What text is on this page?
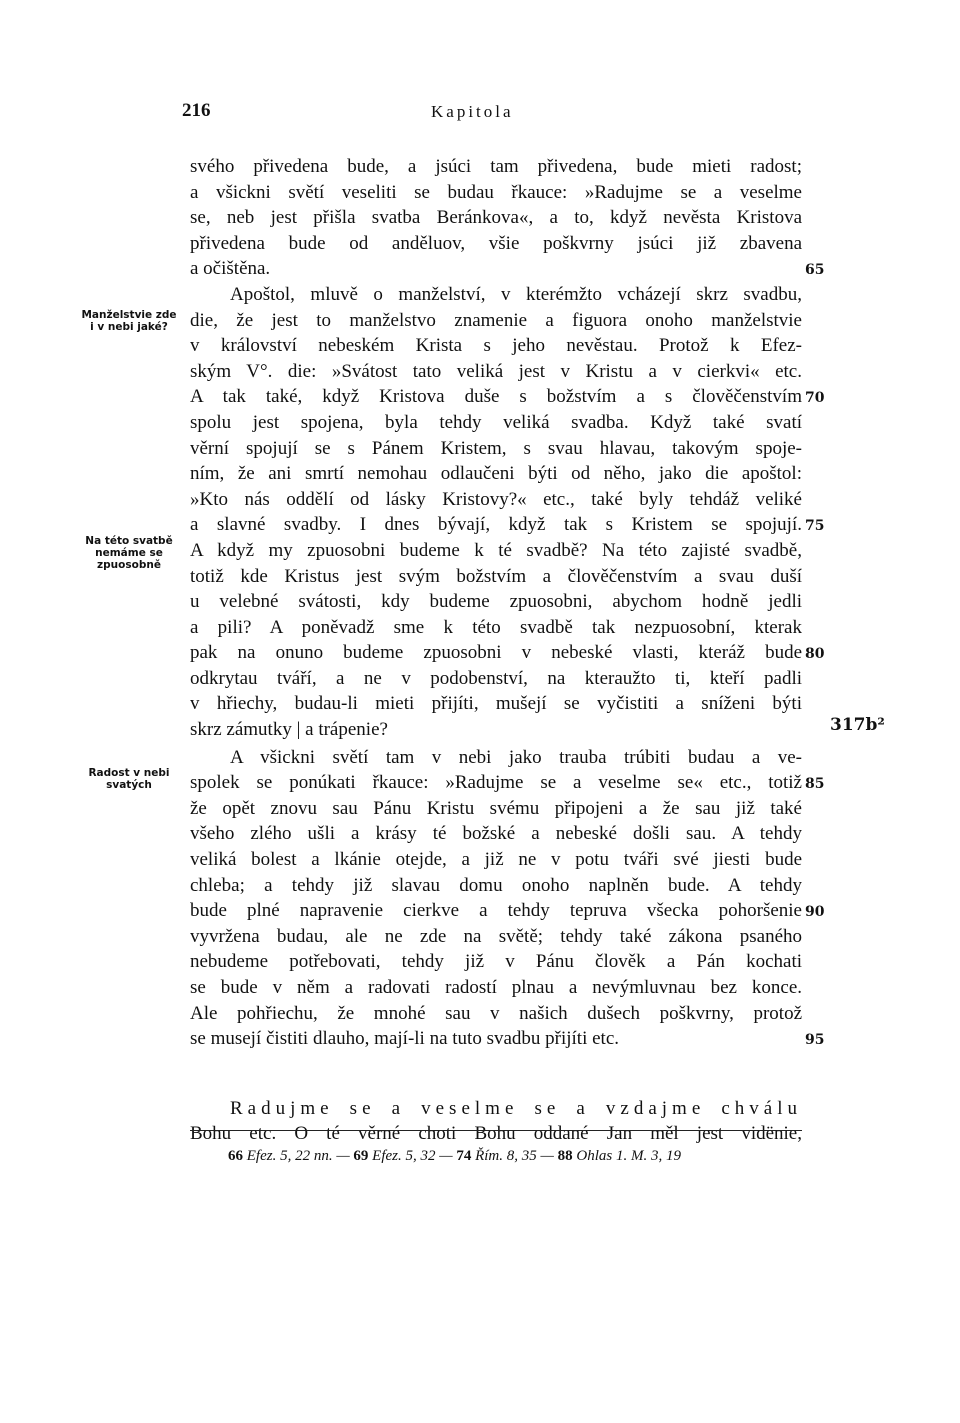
216	Kapitola
Manželstvie zde i v nebi jaké?
Na této svatbě nemáme se zpuosobně
Radost v nebi svatých
65
70
75
80
85
90
95
317b²
svého přivedena bude, a jsúci tam přivedena, bude mieti radost;
a všickni světí veseliti se budau řkauce: »Radujme se a veselme
se, neb jest přišla svatba Beránkova«, a to, když nevěsta Kristova
přivedena bude od anděluov, všie poškvrny jsúci již zbavena
a očištěna.
Apoštol, mluvě o manželství, v kterémžto vcházejí skrz svadbu,
die, že jest to manželstvo znamenie a figuora onoho manželstvie
v království nebeském Krista s jeho nevěstau. Protož k Efez-
ským V°. die: »Svátost tato veliká jest v Kristu a v cierkvi« etc.
A tak také, když Kristova duše s božstvím a s člověčenstvím
spolu jest spojena, byla tehdy veliká svadba. Když také svatí
věrní spojují se s Pánem Kristem, s svau hlavau, takovým spoje-
ním, že ani smrtí nemohau odlaučeni býti od něho, jako die apoštol:
»Kto nás oddělí od lásky Kristovy?« etc., také byly tehdáž veliké
a slavné svadby. I dnes bývají, když tak s Kristem se spojují.
A když my zpuosobni budeme k té svadbě? Na této zajisté svadbě,
totiž kde Kristus jest svým božstvím a člověčenstvím a svau duší
u velebné svátosti, kdy budeme zpuosobni, abychom hodně jedli
a pili? A poněvadž sme k této svadbě tak nezpuosobní, kterak
pak na onuno budeme zpuosobni v nebeské vlasti, kteráž bude
odkrytau tváří, a ne v podobenství, na kteraužto ti, kteří padli
v hřiechy, budau-li mieti přijíti, mušejí se vyčistiti a sníženi býti
skrz zámutky | a trápenie?
A všickni světí tam v nebi jako trauba trúbiti budau a ve-
spolek se ponúkati řkauce: »Radujme se a veselme se« etc., totiž
že opět znovu sau Pánu Kristu svému připojeni a že sau již také
všeho zlého ušli a krásy té božské a nebeské došli sau. A tehdy
veliká bolest a lkánie otejde, a již ne v potu tváři své jiesti bude
chleba; a tehdy již slavau domu onoho naplněn bude. A tehdy
bude plné napravenie cierkve a tehdy tepruva všecka pohoršenie
vyvržena budau, ale ne zde na světě; tehdy také zákona psaného
nebudeme potřebovati, tehdy již v Pánu člověk a Pán kochati
se bude v něm a radovati radostí plnau a nevýmluvnau bez konce.
Ale pohřiechu, že mnohé sau v našich dušech poškvrny, protož
se musejí čistiti dlauho, mají-li na tuto svadbu přijíti etc.
Radujme se a veselme se a vzdajme chválu
Bohu etc. O té věrné choti Bohu oddané Jan měl jest vidënie,
66 Efez. 5, 22 nn. — 69 Efez. 5, 32 — 74 Řím. 8, 35 — 88 Ohlas 1. M. 3, 19
